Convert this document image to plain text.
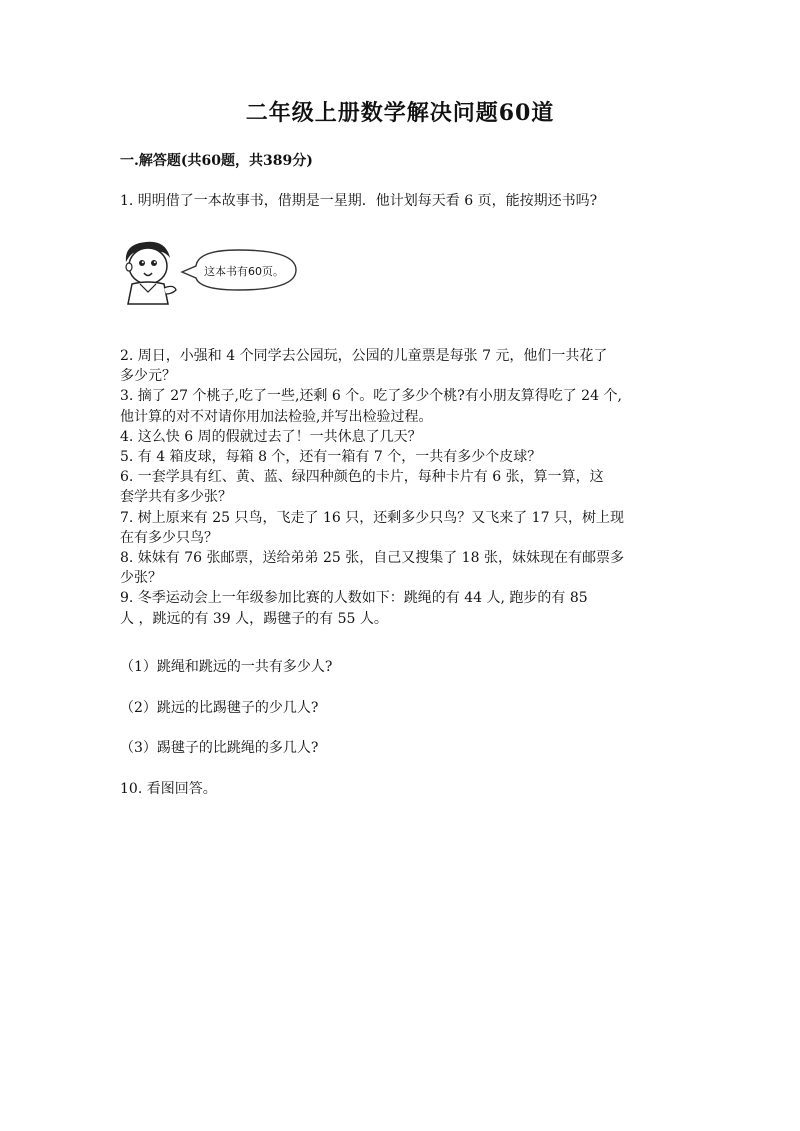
二年级上册数学解决问题60道
一.解答题(共60题，共389分)
1. 明明借了一本故事书，借期是一星期．他计划每天看 6 页，能按期还书吗?
这本书有60页。

2. 周日，小强和 4 个同学去公园玩，公园的儿童票是每张 7 元，他们一共花了

多少元？

3. 摘了 27 个桃子,吃了一些,还剩 6 个。吃了多少个桃?有小朋友算得吃了 24 个,

他计算的对不对请你用加法检验,并写出检验过程。

4. 这么快 6 周的假就过去了！一共休息了几天？

5. 有 4 箱皮球，每箱 8 个，还有一箱有 7 个，一共有多少个皮球？

6. 一套学具有红、黄、蓝、绿四种颜色的卡片，每种卡片有 6 张，算一算，这

套学共有多少张？

7. 树上原来有 25 只鸟，飞走了 16 只，还剩多少只鸟？又飞来了 17 只，树上现

在有多少只鸟？

8. 妹妹有 76 张邮票，送给弟弟 25 张，自己又搜集了 18 张，妹妹现在有邮票多

少张？

9. 冬季运动会上一年级参加比赛的人数如下：跳绳的有 44 人, 跑步的有 85

人 ，跳远的有 39 人，踢毽子的有 55 人。

（1）跳绳和跳远的一共有多少人?
（2）跳远的比踢毽子的少几人?
（3）踢毽子的比跳绳的多几人?
10. 看图回答。
